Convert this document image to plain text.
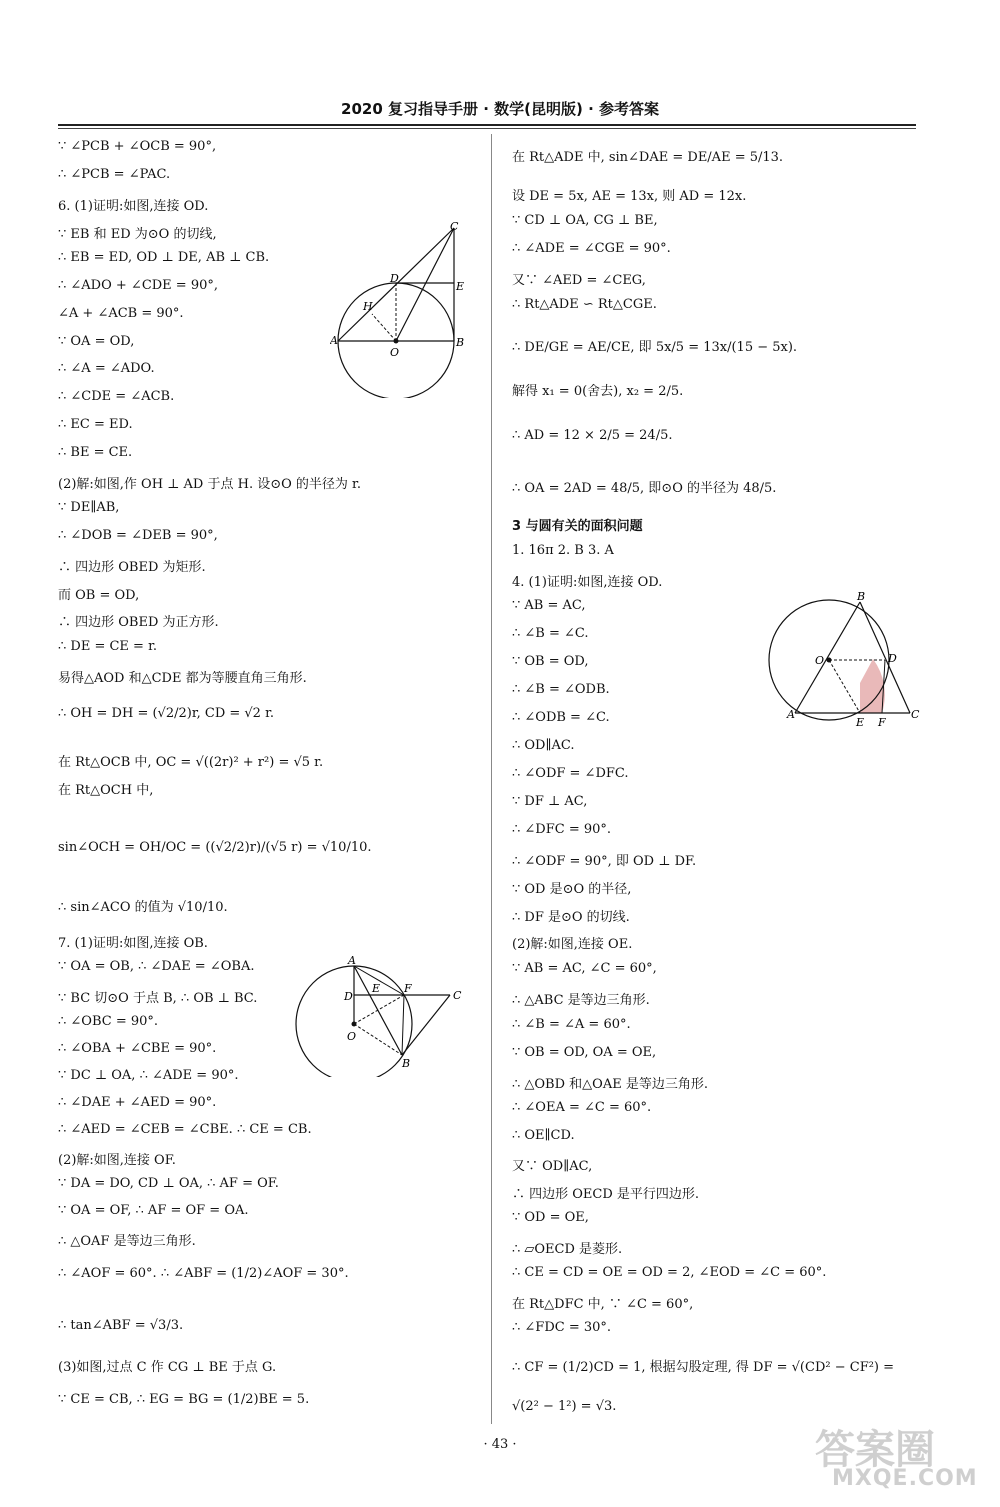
2020 复习指导手册 · 数学(昆明版) · 参考答案
∵ ∠PCB + ∠OCB = 90°,
∴ ∠PCB = ∠PAC.
6. (1)证明:如图,连接 OD.
∵ EB 和 ED 为⊙O 的切线,
∴ EB = ED, OD ⊥ DE, AB ⊥ CB.
∴ ∠ADO + ∠CDE = 90°,
∠A + ∠ACB = 90°.
∵ OA = OD,
∴ ∠A = ∠ADO.
∴ ∠CDE = ∠ACB.
∴ EC = ED.
∴ BE = CE.
(2)解:如图,作 OH ⊥ AD 于点 H. 设⊙O 的半径为 r.
∵ DE∥AB,
∴ ∠DOB = ∠DEB = 90°,
∴ 四边形 OBED 为矩形.
而 OB = OD,
∴ 四边形 OBED 为正方形.
∴ DE = CE = r.
易得△AOD 和△CDE 都为等腰直角三角形.
∴ OH = DH = (√2/2)r, CD = √2 r.
在 Rt△OCB 中, OC = √((2r)² + r²) = √5 r.
在 Rt△OCH 中,
sin∠OCH = OH/OC = ((√2/2)r)/(√5 r) = √10/10.
∴ sin∠ACO 的值为 √10/10.
7. (1)证明:如图,连接 OB.
∵ OA = OB, ∴ ∠DAE = ∠OBA.
∵ BC 切⊙O 于点 B, ∴ OB ⊥ BC.
∴ ∠OBC = 90°.
∴ ∠OBA + ∠CBE = 90°.
∵ DC ⊥ OA, ∴ ∠ADE = 90°.
∴ ∠DAE + ∠AED = 90°.
∴ ∠AED = ∠CEB = ∠CBE. ∴ CE = CB.
(2)解:如图,连接 OF.
∵ DA = DO, CD ⊥ OA, ∴ AF = OF.
∵ OA = OF, ∴ AF = OF = OA.
∴ △OAF 是等边三角形.
∴ ∠AOF = 60°. ∴ ∠ABF = (1/2)∠AOF = 30°.
∴ tan∠ABF = √3/3.
(3)如图,过点 C 作 CG ⊥ BE 于点 G.
∵ CE = CB, ∴ EG = BG = (1/2)BE = 5.
A	B
C
D
E
H
O
A
B
C
D
E F
O
在 Rt△ADE 中, sin∠DAE = DE/AE = 5/13.
设 DE = 5x, AE = 13x, 则 AD = 12x.
∵ CD ⊥ OA, CG ⊥ BE,
∴ ∠ADE = ∠CGE = 90°.
又∵ ∠AED = ∠CEG,
∴ Rt△ADE ∽ Rt△CGE.
∴ DE/GE = AE/CE, 即 5x/5 = 13x/(15 − 5x).
解得 x₁ = 0(舍去), x₂ = 2/5.
∴ AD = 12 × 2/5 = 24/5.
∴ OA = 2AD = 48/5, 即⊙O 的半径为 48/5.
3 与圆有关的面积问题
1. 16π 2. B 3. A
4. (1)证明:如图,连接 OD.
∵ AB = AC,
∴ ∠B = ∠C.
∵ OB = OD,
∴ ∠B = ∠ODB.
∴ ∠ODB = ∠C.
∴ OD∥AC.
∴ ∠ODF = ∠DFC.
∵ DF ⊥ AC,
∴ ∠DFC = 90°.
∴ ∠ODF = 90°, 即 OD ⊥ DF.
∵ OD 是⊙O 的半径,
∴ DF 是⊙O 的切线.
(2)解:如图,连接 OE.
∵ AB = AC, ∠C = 60°,
∴ △ABC 是等边三角形.
∴ ∠B = ∠A = 60°.
∵ OB = OD, OA = OE,
∴ △OBD 和△OAE 是等边三角形.
∴ ∠OEA = ∠C = 60°.
∴ OE∥CD.
又∵ OD∥AC,
∴ 四边形 OECD 是平行四边形.
∵ OD = OE,
∴ ▱OECD 是菱形.
∴ CE = CD = OE = OD = 2, ∠EOD = ∠C = 60°.
在 Rt△DFC 中, ∵ ∠C = 60°,
∴ ∠FDC = 30°.
∴ CF = (1/2)CD = 1, 根据勾股定理, 得 DF = √(CD² − CF²) =
√(2² − 1²) = √3.
A
B
C
D
E F
O
· 43 ·	答案圈
MXQE.COM
